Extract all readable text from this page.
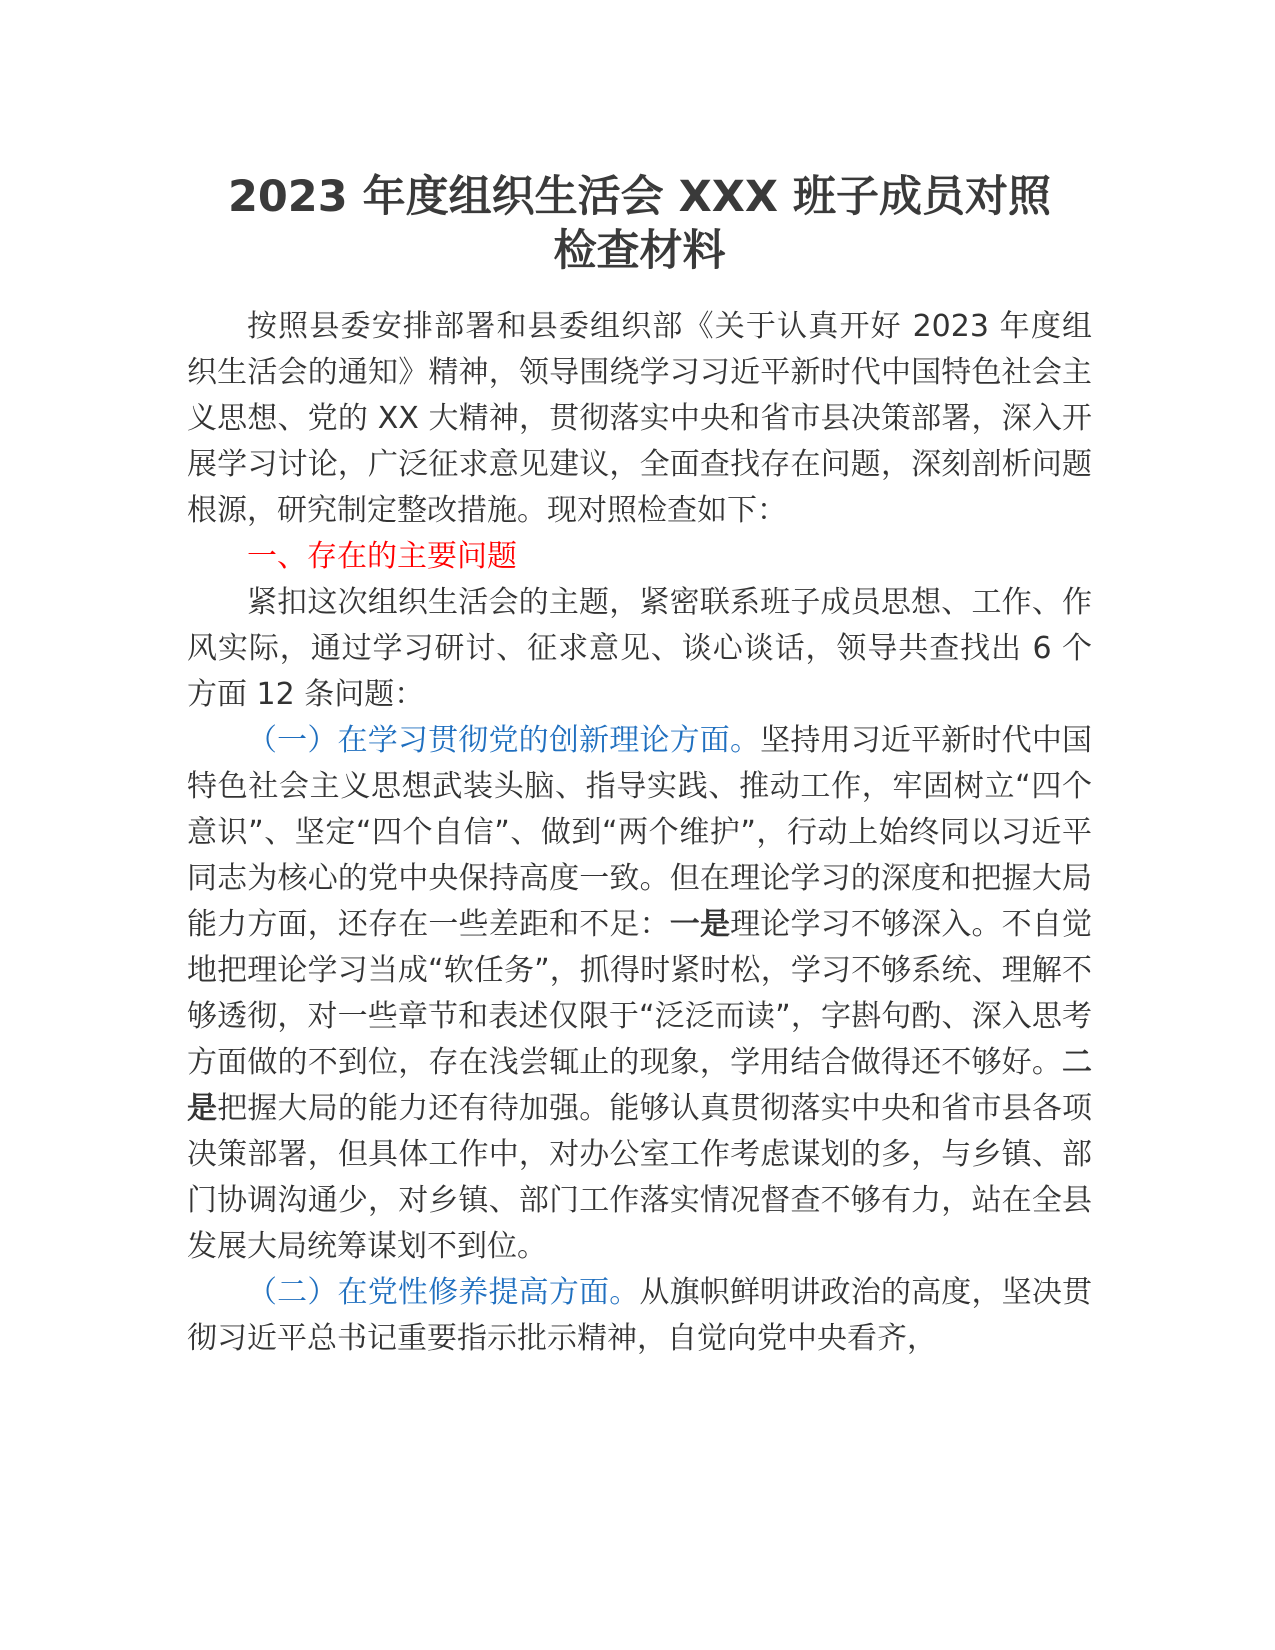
2023 年度组织生活会 XXX 班子成员对照
检查材料

按照县委安排部署和县委组织部《关于认真开好 2023 年度组织生活会的通知》精神，领导围绕学习习近平新时代中国特色社会主义思想、党的 XX 大精神，贯彻落实中央和省市县决策部署，深入开展学习讨论，广泛征求意见建议，全面查找存在问题，深刻剖析问题根源，研究制定整改措施。现对照检查如下：

一、存在的主要问题

紧扣这次组织生活会的主题，紧密联系班子成员思想、工作、作风实际，通过学习研讨、征求意见、谈心谈话，领导共查找出 6 个方面 12 条问题：

（一）在学习贯彻党的创新理论方面。坚持用习近平新时代中国特色社会主义思想武装头脑、指导实践、推动工作，牢固树立“四个意识”、坚定“四个自信”、做到“两个维护”，行动上始终同以习近平同志为核心的党中央保持高度一致。但在理论学习的深度和把握大局能力方面，还存在一些差距和不足：一是理论学习不够深入。不自觉地把理论学习当成“软任务”，抓得时紧时松，学习不够系统、理解不够透彻，对一些章节和表述仅限于“泛泛而读”，字斟句酌、深入思考方面做的不到位，存在浅尝辄止的现象，学用结合做得还不够好。二是把握大局的能力还有待加强。能够认真贯彻落实中央和省市县各项决策部署，但具体工作中，对办公室工作考虑谋划的多，与乡镇、部门协调沟通少，对乡镇、部门工作落实情况督查不够有力，站在全县发展大局统筹谋划不到位。

（二）在党性修养提高方面。从旗帜鲜明讲政治的高度，坚决贯彻习近平总书记重要指示批示精神，自觉向党中央看齐，
